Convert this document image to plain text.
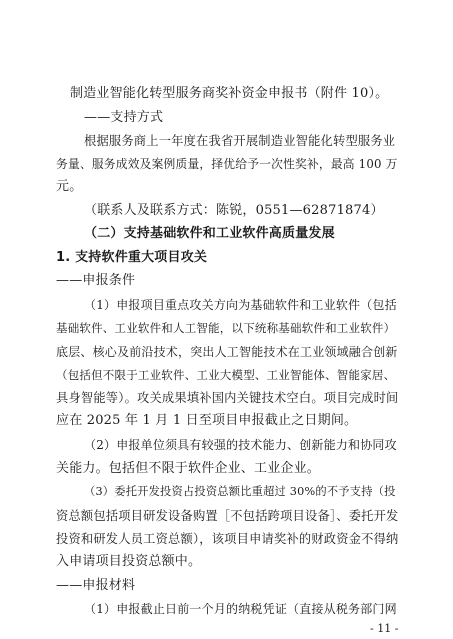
制造业智能化转型服务商奖补资金申报书（附件 10）。
——支持方式
根据服务商上一年度在我省开展制造业智能化转型服务业
务量、服务成效及案例质量，择优给予一次性奖补，最高 100 万
元。
（联系人及联系方式：陈锐，0551—62871874）
（二）支持基础软件和工业软件高质量发展
1. 支持软件重大项目攻关
——申报条件
（1）申报项目重点攻关方向为基础软件和工业软件（包括
基础软件、工业软件和人工智能，以下统称基础软件和工业软件）
底层、核心及前沿技术，突出人工智能技术在工业领域融合创新
（包括但不限于工业软件、工业大模型、工业智能体、智能家居、
具身智能等）。攻关成果填补国内关键技术空白。项目完成时间
应在 2025 年 1 月 1 日至项目申报截止之日期间。
（2）申报单位须具有较强的技术能力、创新能力和协同攻
关能力。包括但不限于软件企业、工业企业。
（3）委托开发投资占投资总额比重超过 30%的不予支持（投
资总额包括项目研发设备购置［不包括跨项目设备］、委托开发
投资和研发人员工资总额），该项目申请奖补的财政资金不得纳
入申请项目投资总额中。
——申报材料
（1）申报截止日前一个月的纳税凭证（直接从税务部门网
- 11 -
